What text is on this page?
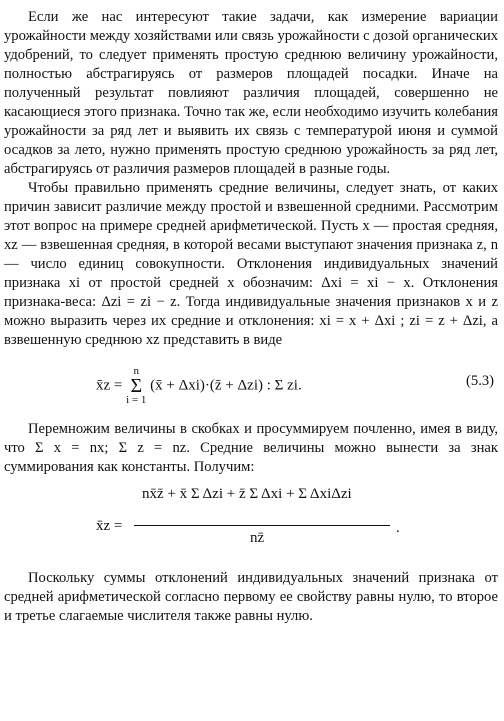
Если же нас интересуют такие задачи, как измерение вариации урожайности между хозяйствами или связь урожайности с дозой органических удобрений, то следует применять простую среднюю величину урожайности, полностью абстрагируясь от размеров площадей посадки. Иначе на полученный результат повлияют различия площадей, совершенно не касающиеся этого признака. Точно так же, если необходимо изучить колебания урожайности за ряд лет и выявить их связь с температурой июня и суммой осадков за лето, нужно применять простую среднюю урожайность за ряд лет, абстрагируясь от различия размеров площадей в разные годы.

Чтобы правильно применять средние величины, следует знать, от каких причин зависит различие между простой и взвешенной средними. Рассмотрим этот вопрос на примере средней арифметической. Пусть x — простая средняя, xz — взвешенная средняя, в которой весами выступают значения признака z, n — число единиц совокупности. Отклонения индивидуальных значений признака xi от простой средней x обозначим: Δxi = xi − x. Отклонения признака-веса: Δzi = zi − z. Тогда индивидуальные значения признаков x и z можно выразить через их средние и отклонения: xi = x + Δxi ; zi = z + Δzi, а взвешенную среднюю xz представить в виде

x̄z = n
Σ
i = 1 (x̄ + Δxi)·(z̄ + Δzi) : Σ zi.	(5.3)

Перемножим величины в скобках и просуммируем почленно, имея в виду, что Σ x = nx; Σ z = nz. Средние величины можно вынести за знак суммирования как константы. Получим:

x̄z =
nx̄z̄ + x̄ Σ Δzi + z̄ Σ Δxi + Σ ΔxiΔzi
nz̄
.

Поскольку суммы отклонений индивидуальных значений признака от средней арифметической согласно первому ее свойству равны нулю, то второе и третье слагаемые числителя также равны нулю.
